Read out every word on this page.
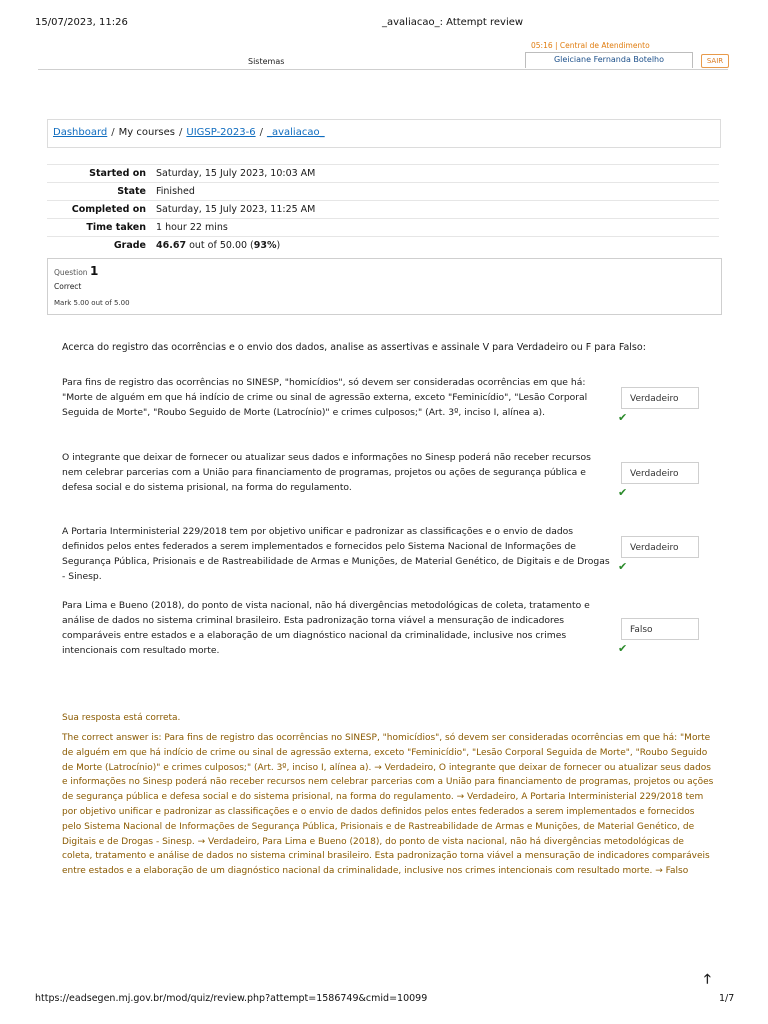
15/07/2023, 11:26	_avaliacao_: Attempt review
Sistemas
05:16 | Central de Atendimento
Gleiciane Fernanda Botelho	SAIR
Dashboard / My courses / UIGSP-2023-6 / _avaliacao_
Started on	Saturday, 15 July 2023, 10:03 AM
State	Finished
Completed on	Saturday, 15 July 2023, 11:25 AM
Time taken	1 hour 22 mins
Grade	46.67 out of 50.00 (93%)
Question 1
Correct
Mark 5.00 out of 5.00
Acerca do registro das ocorrências e o envio dos dados, analise as assertivas e assinale V para Verdadeiro ou F para Falso:
Para fins de registro das ocorrências no SINESP, "homicídios", só devem ser consideradas ocorrências em que há: "Morte de alguém em que há indício de crime ou sinal de agressão externa, exceto "Feminicídio", "Lesão Corporal Seguida de Morte", "Roubo Seguido de Morte (Latrocínio)" e crimes culposos;" (Art. 3º, inciso I, alínea a).
Verdadeiro
✔
O integrante que deixar de fornecer ou atualizar seus dados e informações no Sinesp poderá não receber recursos nem celebrar parcerias com a União para financiamento de programas, projetos ou ações de segurança pública e defesa social e do sistema prisional, na forma do regulamento.
Verdadeiro
✔
A Portaria Interministerial 229/2018 tem por objetivo unificar e padronizar as classificações e o envio de dados definidos pelos entes federados a serem implementados e fornecidos pelo Sistema Nacional de Informações de Segurança Pública, Prisionais e de Rastreabilidade de Armas e Munições, de Material Genético, de Digitais e de Drogas - Sinesp.
Verdadeiro
✔
Para Lima e Bueno (2018), do ponto de vista nacional, não há divergências metodológicas de coleta, tratamento e análise de dados no sistema criminal brasileiro. Esta padronização torna viável a mensuração de indicadores comparáveis entre estados e a elaboração de um diagnóstico nacional da criminalidade, inclusive nos crimes intencionais com resultado morte.
Falso
✔
Sua resposta está correta.
The correct answer is: Para fins de registro das ocorrências no SINESP, "homicídios", só devem ser consideradas ocorrências em que há: "Morte de alguém em que há indício de crime ou sinal de agressão externa, exceto "Feminicídio", "Lesão Corporal Seguida de Morte", "Roubo Seguido de Morte (Latrocínio)" e crimes culposos;" (Art. 3º, inciso I, alínea a). → Verdadeiro, O integrante que deixar de fornecer ou atualizar seus dados e informações no Sinesp poderá não receber recursos nem celebrar parcerias com a União para financiamento de programas, projetos ou ações de segurança pública e defesa social e do sistema prisional, na forma do regulamento. → Verdadeiro, A Portaria Interministerial 229/2018 tem por objetivo unificar e padronizar as classificações e o envio de dados definidos pelos entes federados a serem implementados e fornecidos pelo Sistema Nacional de Informações de Segurança Pública, Prisionais e de Rastreabilidade de Armas e Munições, de Material Genético, de Digitais e de Drogas - Sinesp. → Verdadeiro, Para Lima e Bueno (2018), do ponto de vista nacional, não há divergências metodológicas de coleta, tratamento e análise de dados no sistema criminal brasileiro. Esta padronização torna viável a mensuração de indicadores comparáveis entre estados e a elaboração de um diagnóstico nacional da criminalidade, inclusive nos crimes intencionais com resultado morte. → Falso
🡑
https://eadsegen.mj.gov.br/mod/quiz/review.php?attempt=1586749&cmid=10099	1/7
